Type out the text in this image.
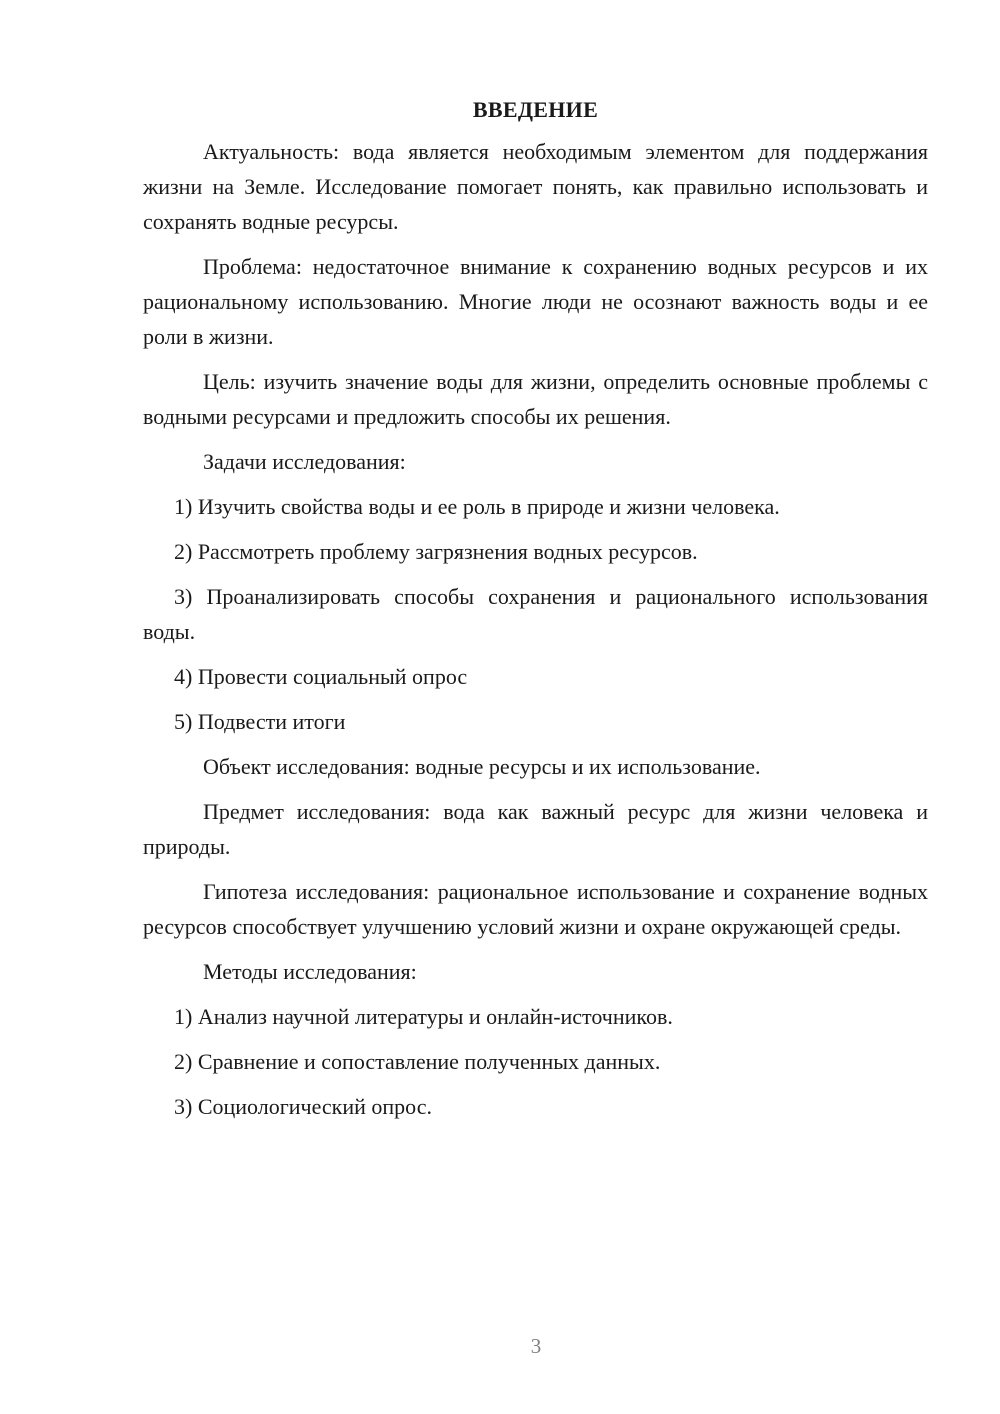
ВВЕДЕНИЕ

Актуальность: вода является необходимым элементом для поддержания жизни на Земле. Исследование помогает понять, как правильно использовать и сохранять водные ресурсы.

Проблема: недостаточное внимание к сохранению водных ресурсов и их рациональному использованию. Многие люди не осознают важность воды и ее роли в жизни.

Цель: изучить значение воды для жизни, определить основные проблемы с водными ресурсами и предложить способы их решения.

Задачи исследования:

1) Изучить свойства воды и ее роль в природе и жизни человека.

2) Рассмотреть проблему загрязнения водных ресурсов.

3) Проанализировать способы сохранения и рационального использования воды.

4) Провести социальный опрос

5) Подвести итоги

Объект исследования: водные ресурсы и их использование.

Предмет исследования: вода как важный ресурс для жизни человека и природы.

Гипотеза исследования: рациональное использование и сохранение водных ресурсов способствует улучшению условий жизни и охране окружающей среды.

Методы исследования:

1) Анализ научной литературы и онлайн-источников.

2) Сравнение и сопоставление полученных данных.

3) Социологический опрос.

3
